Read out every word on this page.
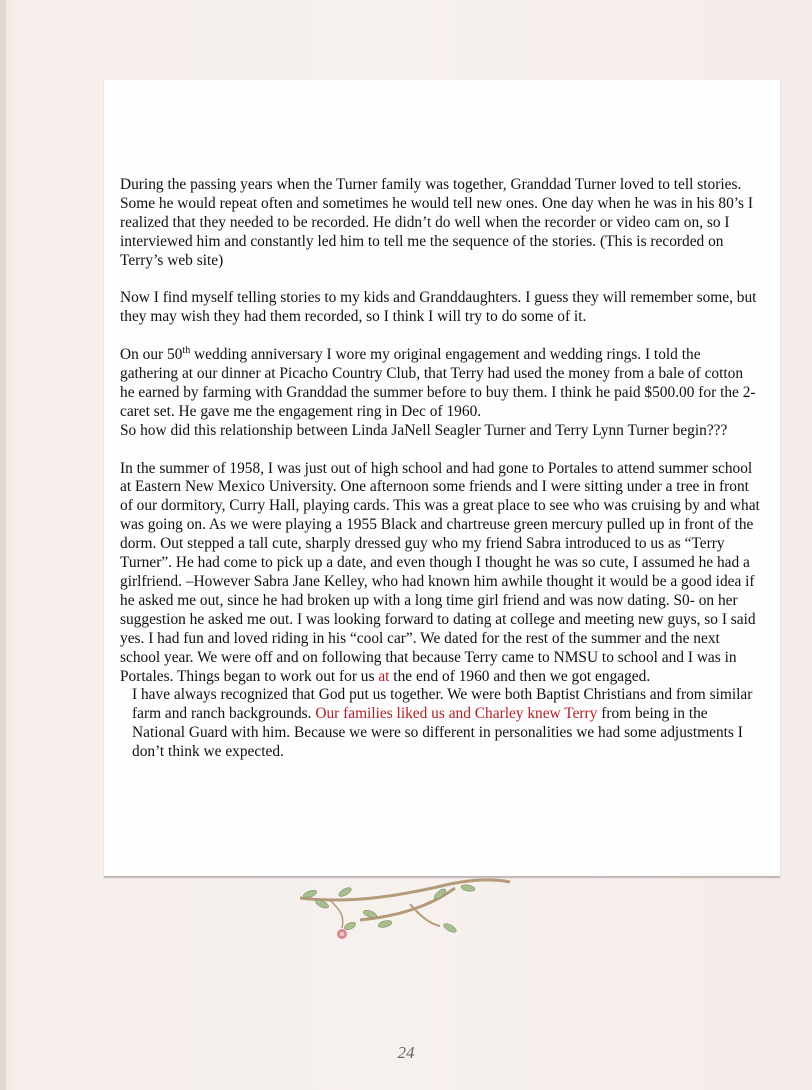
During the passing years when the Turner family was together, Granddad Turner loved to tell stories. Some he would repeat often and sometimes he would tell new ones. One day when he was in his 80’s I realized that they needed to be recorded. He didn’t do well when the recorder or video cam on, so I interviewed him and constantly led him to tell me the sequence of the stories. (This is recorded on Terry’s web site)

Now I find myself telling stories to my kids and Granddaughters. I guess they will remember some, but they may wish they had them recorded, so I think I will try to do some of it.

On our 50th wedding anniversary I wore my original engagement and wedding rings. I told the gathering at our dinner at Picacho Country Club, that Terry had used the money from a bale of cotton he earned by farming with Granddad the summer before to buy them. I think he paid $500.00 for the 2-caret set. He gave me the engagement ring in Dec of 1960.

So how did this relationship between Linda JaNell Seagler Turner and Terry Lynn Turner begin???

In the summer of 1958, I was just out of high school and had gone to Portales to attend summer school at Eastern New Mexico University. One afternoon some friends and I were sitting under a tree in front of our dormitory, Curry Hall, playing cards. This was a great place to see who was cruising by and what was going on. As we were playing a 1955 Black and chartreuse green mercury pulled up in front of the dorm. Out stepped a tall cute, sharply dressed guy who my friend Sabra introduced to us as “Terry Turner”. He had come to pick up a date, and even though I thought he was so cute, I assumed he had a girlfriend. –However Sabra Jane Kelley, who had known him awhile thought it would be a good idea if he asked me out, since he had broken up with a long time girl friend and was now dating. S0- on her suggestion he asked me out. I was looking forward to dating at college and meeting new guys, so I said yes. I had fun and loved riding in his “cool car”. We dated for the rest of the summer and the next school year. We were off and on following that because Terry came to NMSU to school and I was in Portales. Things began to work out for us at the end of 1960 and then we got engaged.

I have always recognized that God put us together. We were both Baptist Christians and from similar farm and ranch backgrounds. Our families liked us and Charley knew Terry from being in the National Guard with him. Because we were so different in personalities we had some adjustments I don’t think we expected.

24
